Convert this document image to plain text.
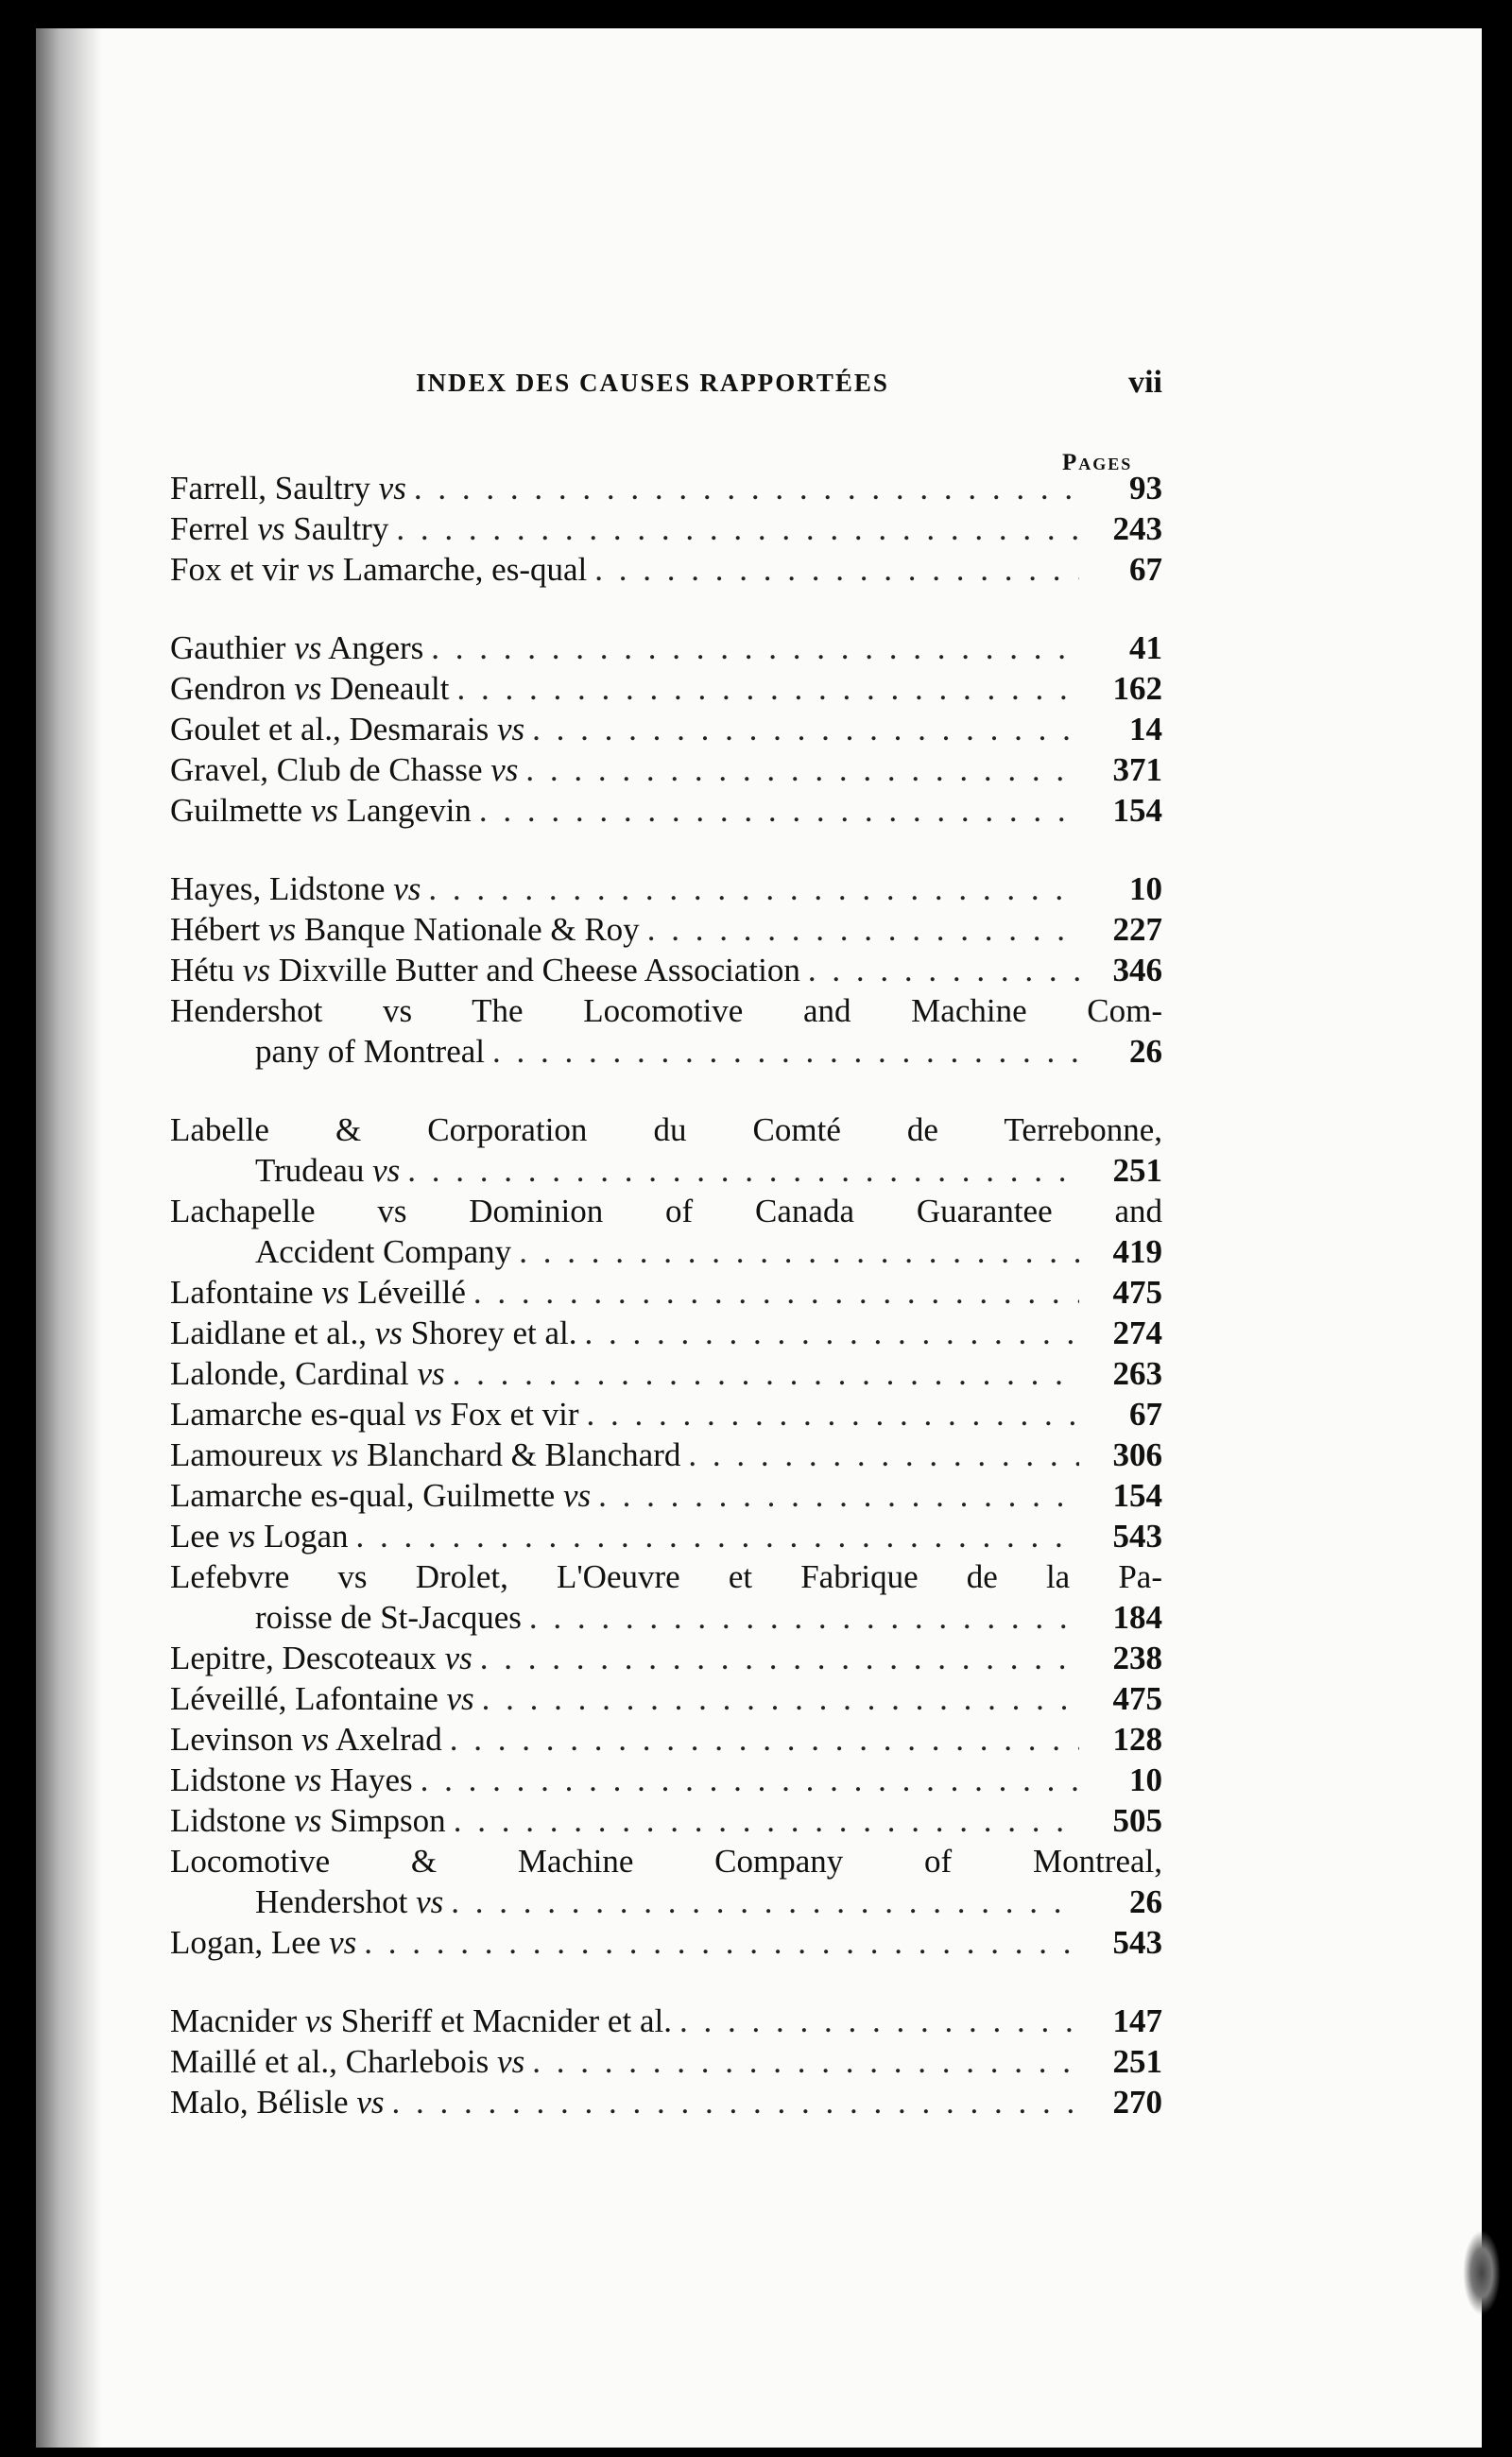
INDEX DES CAUSES RAPPORTÉES	vii
Pages
Farrell, Saultry vs . . .	93
Ferrel vs Saultry . . .	243
Fox et vir vs Lamarche, es-qual . . .	67
Gauthier vs Angers . . .	41
Gendron vs Deneault . . .	162
Goulet et al., Desmarais vs . . .	14
Gravel, Club de Chasse vs . . .	371
Guilmette vs Langevin . . .	154
Hayes, Lidstone vs . . .	10
Hébert vs Banque Nationale & Roy . . .	227
Hétu vs Dixville Butter and Cheese Association . . .	346
Hendershot vs The Locomotive and Machine Com-
pany of Montreal . . .	26
Labelle & Corporation du Comté de Terrebonne,
Trudeau vs . . .	251
Lachapelle vs Dominion of Canada Guarantee and
Accident Company . . .	419
Lafontaine vs Léveillé . . .	475
Laidlane et al., vs Shorey et al. . . .	274
Lalonde, Cardinal vs . . .	263
Lamarche es-qual vs Fox et vir . . .	67
Lamoureux vs Blanchard & Blanchard . . .	306
Lamarche es-qual, Guilmette vs . . .	154
Lee vs Logan . . .	543
Lefebvre vs Drolet, L'Oeuvre et Fabrique de la Pa-
roisse de St-Jacques . . .	184
Lepitre, Descoteaux vs . . .	238
Léveillé, Lafontaine vs . . .	475
Levinson vs Axelrad . . .	128
Lidstone vs Hayes . . .	10
Lidstone vs Simpson . . .	505
Locomotive & Machine Company of Montreal,
Hendershot vs . . .	26
Logan, Lee vs . . .	543
Macnider vs Sheriff et Macnider et al. . . .	147
Maillé et al., Charlebois vs . . .	251
Malo, Bélisle vs . . .	270
